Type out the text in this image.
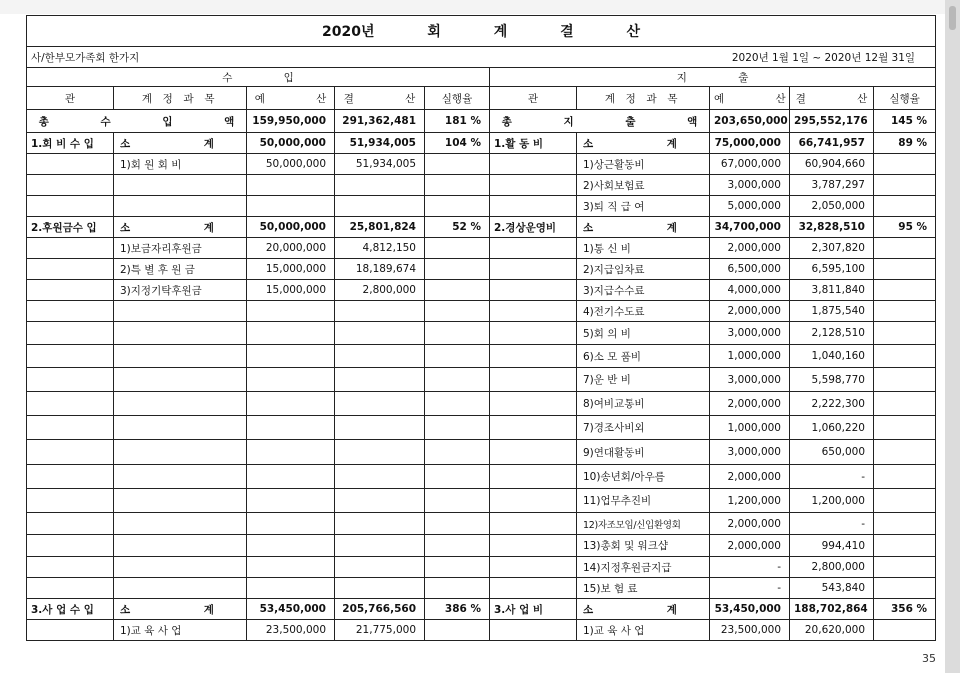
2020년 회 계 결 산									
사/한부모가족회 한가지					2020년 1월 1일 ~ 2020년 12월 31일				
수 입					지 출				
관	계 정 과 목	예 산	결 산	실행율	관	계 정 과 목	예 산	결 산	실행율
총 수 입 액		159,950,000	291,362,481	181 %	총 지 출 액		203,650,000	295,552,176	145 %
1.회 비 수 입	소 계	50,000,000	51,934,005	104 %	1.활 동 비	소 계	75,000,000	66,741,957	89 %
	1)회 원 회 비	50,000,000	51,934,005			1)상근활동비	67,000,000	60,904,660	
						2)사회보험료	3,000,000	3,787,297	
						3)퇴 직 급 여	5,000,000	2,050,000	
2.후원금수 입	소 계	50,000,000	25,801,824	52 %	2.경상운영비	소 계	34,700,000	32,828,510	95 %
	1)보금자리후원금	20,000,000	4,812,150			1)통 신 비	2,000,000	2,307,820	
	2)특 별 후 원 금	15,000,000	18,189,674			2)지급임차료	6,500,000	6,595,100	
	3)지정기탁후원금	15,000,000	2,800,000			3)지급수수료	4,000,000	3,811,840	
						4)전기수도료	2,000,000	1,875,540	
						5)회 의 비	3,000,000	2,128,510	
						6)소 모 품비	1,000,000	1,040,160	
						7)운 반 비	3,000,000	5,598,770	
						8)여비교통비	2,000,000	2,222,300	
						7)경조사비외	1,000,000	1,060,220	
						9)연대활동비	3,000,000	650,000	
						10)송년회/아우름	2,000,000	-	
						11)업무추진비	1,200,000	1,200,000	
						12)자조모임/신입환영회	2,000,000	-	
						13)총회 및 워크샵	2,000,000	994,410	
						14)지정후원금지급	-	2,800,000	
						15)보 험 료	-	543,840	
3.사 업 수 입	소 계	53,450,000	205,766,560	386 %	3.사 업 비	소 계	53,450,000	188,702,864	356 %
	1)교 육 사 업	23,500,000	21,775,000			1)교 육 사 업	23,500,000	20,620,000	
35
